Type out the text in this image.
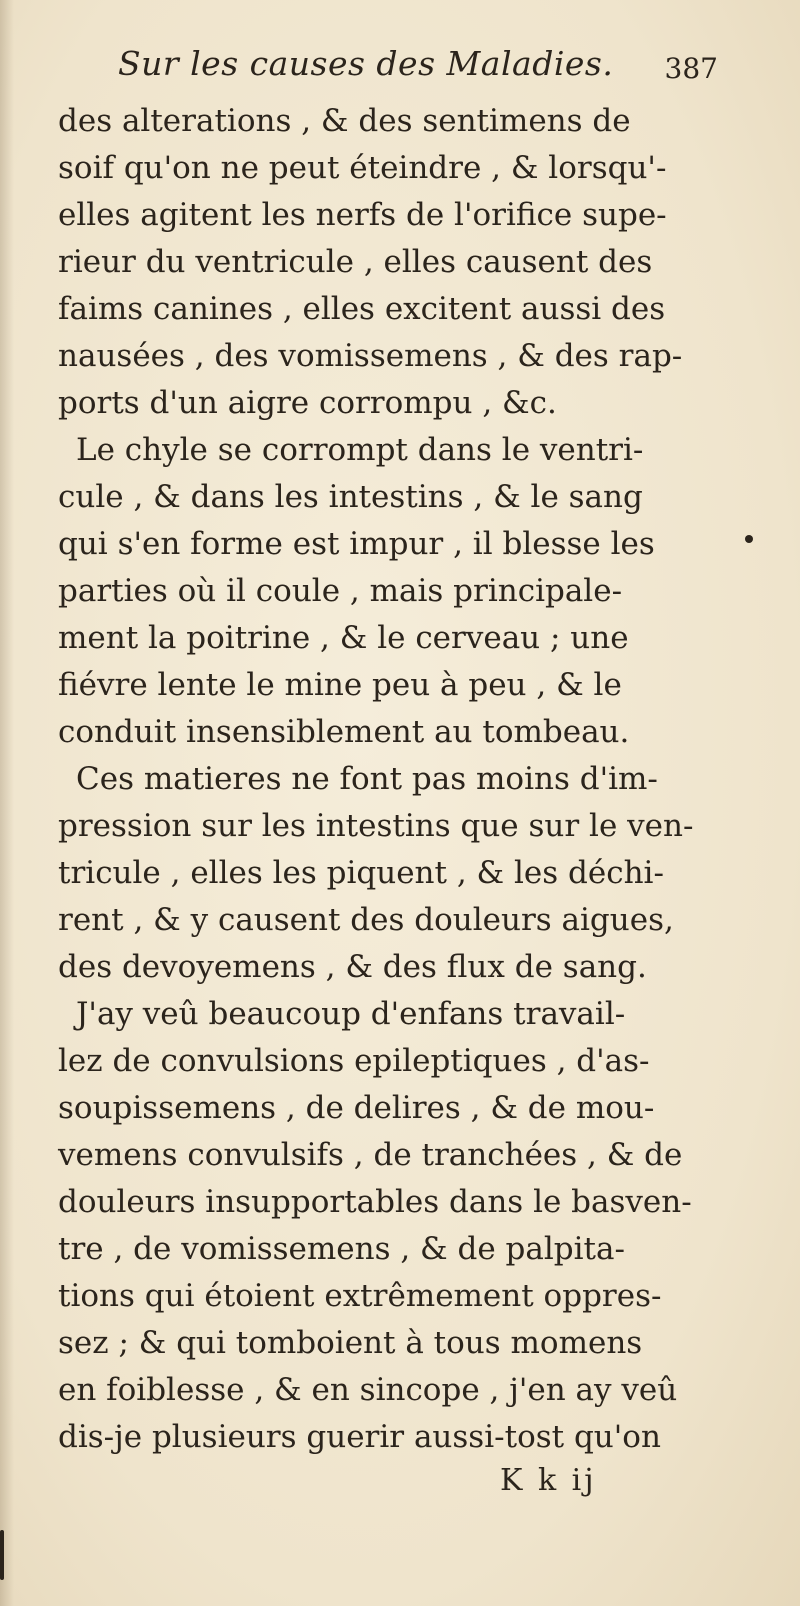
Sur les causes des Maladies. 387
des alterations , & des sentimens de
soif qu'on ne peut éteindre , & lorsqu'-
elles agitent les nerfs de l'orifice supe-
rieur du ventricule , elles causent des
faims canines , elles excitent aussi des
nausées , des vomissemens , & des rap-
ports d'un aigre corrompu , &c.
Le chyle se corrompt dans le ventri-
cule , & dans les intestins , & le sang
qui s'en forme est impur , il blesse les
parties où il coule , mais principale-
ment la poitrine , & le cerveau ; une
fiévre lente le mine peu à peu , & le
conduit insensiblement au tombeau.
Ces matieres ne font pas moins d'im-
pression sur les intestins que sur le ven-
tricule , elles les piquent , & les déchi-
rent , & y causent des douleurs aigues,
des devoyemens , & des flux de sang.
J'ay veû beaucoup d'enfans travail-
lez de convulsions epileptiques , d'as-
soupissemens , de delires , & de mou-
vemens convulsifs , de tranchées , & de
douleurs insupportables dans le basven-
tre , de vomissemens , & de palpita-
tions qui étoient extrêmement oppres-
sez ; & qui tomboient à tous momens
en foiblesse , & en sincope , j'en ay veû
dis-je plusieurs guerir aussi-tost qu'on
K k ij
